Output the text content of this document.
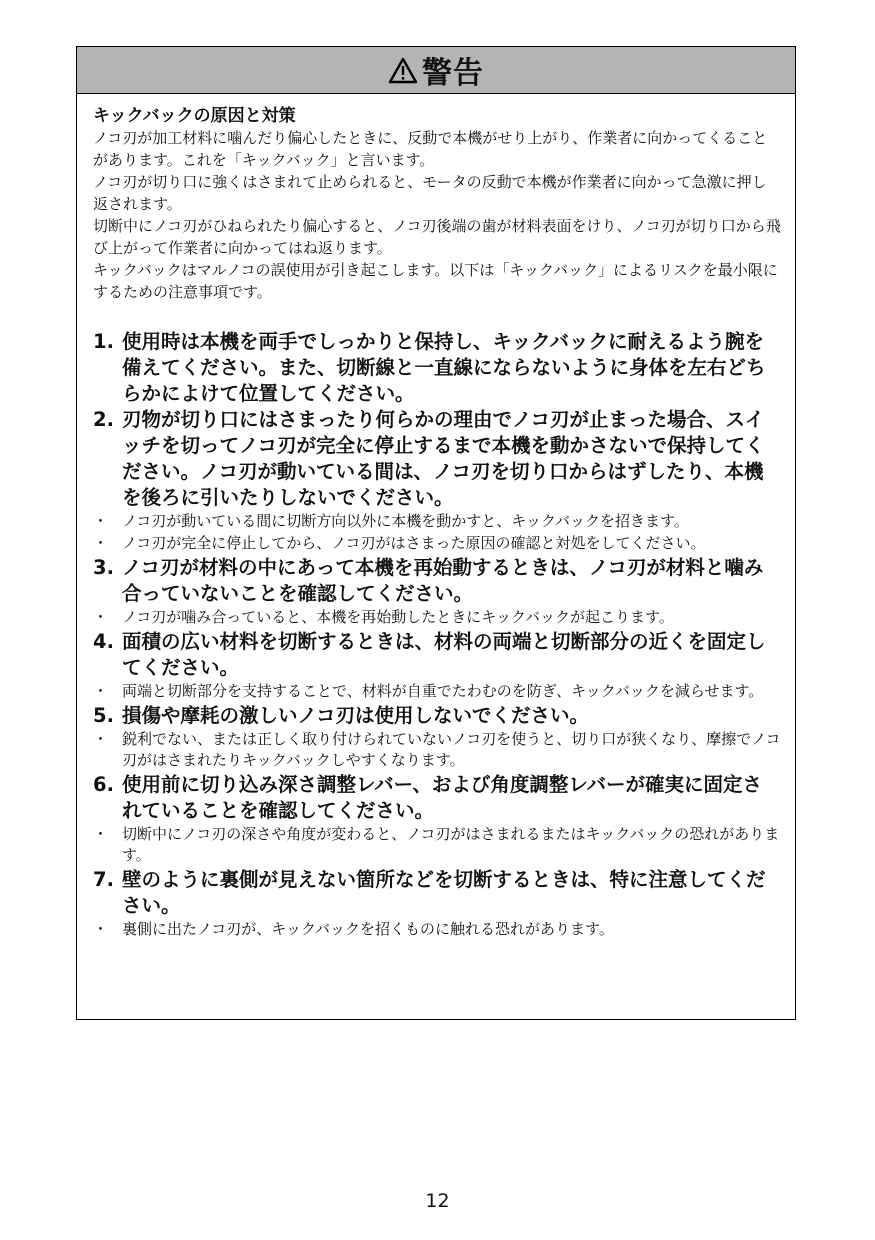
警告
キックバックの原因と対策

ノコ刃が加工材料に噛んだり偏心したときに、反動で本機がせり上がり、作業者に向かってくることがあります。これを「キックバック」と言います。

ノコ刃が切り口に強くはさまれて止められると、モータの反動で本機が作業者に向かって急激に押し返されます。

切断中にノコ刃がひねられたり偏心すると、ノコ刃後端の歯が材料表面をけり、ノコ刃が切り口から飛び上がって作業者に向かってはね返ります。

キックバックはマルノコの誤使用が引き起こします。以下は「キックバック」によるリスクを最小限にするための注意事項です。

1. 使用時は本機を両手でしっかりと保持し、キックバックに耐えるよう腕を備えてください。また、切断線と一直線にならないように身体を左右どちらかによけて位置してください。
2. 刃物が切り口にはさまったり何らかの理由でノコ刃が止まった場合、スイッチを切ってノコ刃が完全に停止するまで本機を動かさないで保持してください。ノコ刃が動いている間は、ノコ刃を切り口からはずしたり、本機を後ろに引いたりしないでください。
・ ノコ刃が動いている間に切断方向以外に本機を動かすと、キックバックを招きます。
・ ノコ刃が完全に停止してから、ノコ刃がはさまった原因の確認と対処をしてください。
3. ノコ刃が材料の中にあって本機を再始動するときは、ノコ刃が材料と噛み合っていないことを確認してください。
・ ノコ刃が噛み合っていると、本機を再始動したときにキックバックが起こります。
4. 面積の広い材料を切断するときは、材料の両端と切断部分の近くを固定してください。
・ 両端と切断部分を支持することで、材料が自重でたわむのを防ぎ、キックバックを減らせます。
5. 損傷や摩耗の激しいノコ刃は使用しないでください。
・ 鋭利でない、または正しく取り付けられていないノコ刃を使うと、切り口が狭くなり、摩擦でノコ刃がはさまれたりキックバックしやすくなります。
6. 使用前に切り込み深さ調整レバー、および角度調整レバーが確実に固定されていることを確認してください。
・ 切断中にノコ刃の深さや角度が変わると、ノコ刃がはさまれるまたはキックバックの恐れがあります。
7. 壁のように裏側が見えない箇所などを切断するときは、特に注意してください。
・ 裏側に出たノコ刃が、キックバックを招くものに触れる恐れがあります。
12
